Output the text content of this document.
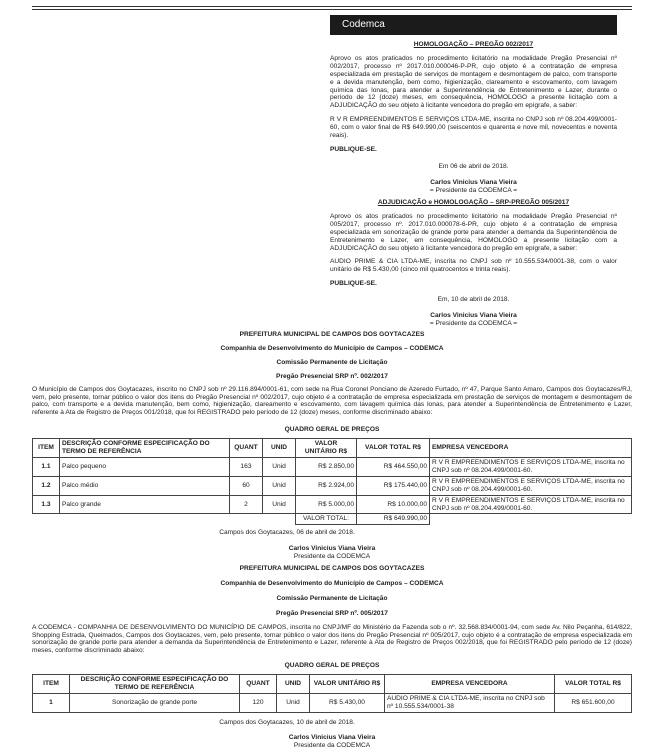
Codemca
HOMOLOGAÇÃO – PREGÃO 002/2017
Aprovo os atos praticados no procedimento licitatório na modalidade Pregão Presencial nº 002/2017, processo nº 2017.010.000046-P-PR, cujo objeto é a contratação de empresa especializada em prestação de serviços de montagem e desmontagem de palco, com transporte e a devida manutenção, bem como, higienização, clareamento e escovamento, com lavagem química das lonas, para atender a Superintendência de Entretenimento e Lazer, durante o período de 12 (doze) meses, em consequência, HOMOLOGO a presente licitação com a ADJUDICAÇÃO do seu objeto à licitante vencedora do pregão em epígrafe, a saber:
R V R EMPREENDIMENTOS E SERVIÇOS LTDA-ME, inscrita no CNPJ sob nº 08.204.499/0001-60, com o valor final de R$ 649.990,00 (seiscentos e quarenta e nove mil, novecentos e noventa reais).
PUBLIQUE-SE.
Em 06 de abril de 2018.
Carlos Vinicius Viana Vieira
= Presidente da CODEMCA =
ADJUDICAÇÃO e HOMOLOGAÇÃO – SRP-PREGÃO 005/2017
Aprovo os atos praticados no procedimento licitatório na modalidade Pregão Presencial nº 005/2017, processo nº. 2017.010.000078-6-PR, cujo objeto é a contratação de empresa especializada em sonorização de grande porte para atender a demanda da Superintendência de Entretenimento e Lazer, em consequência, HOMOLOGO a presente licitação com a ADJUDICAÇÃO do seu objeto à licitante vencedora do pregão em epígrafe, a saber:
AUDIO PRIME & CIA LTDA-ME, inscrita no CNPJ sob nº 10.555.534/0001-38, com o valor unitário de R$ 5.430,00 (cinco mil quatrocentos e trinta reais).
PUBLIQUE-SE.
Em, 10 de abril de 2018.
Carlos Vinicius Viana Vieira
= Presidente da CODEMCA =
PREFEITURA MUNICIPAL DE CAMPOS DOS GOYTACAZES
Companhia de Desenvolvimento do Município de Campos – CODEMCA
Comissão Permanente de Licitação
Pregão Presencial SRP nº. 002/2017
O Município de Campos dos Goytacazes, inscrito no CNPJ sob nº 29.116.894/0001-61, com sede na Rua Coronel Ponciano de Azeredo Furtado, nº 47, Parque Santo Amaro, Campos dos Goytacazes/RJ, vem, pelo presente, tornar público o valor dos itens do Pregão Presencial nº 002/2017, cujo objeto é a contratação de empresa especializada em prestação de serviços de montagem e desmontagem de palco, com transporte e a devida manutenção, bem como, higienização, clareamento e escovamento, com lavagem química das lonas, para atender a Superintendência de Entretenimento e Lazer, referente à Ata de Registro de Preços 001/2018, que foi REGISTRADO pelo período de 12 (doze) meses, conforme discriminado abaixo:
QUADRO GERAL DE PREÇOS
ITEM	DESCRIÇÃO CONFORME ESPECIFICAÇÃO DO TERMO DE REFERÊNCIA	QUANT	UNID	VALOR UNITÁRIO R$	VALOR TOTAL R$	EMPRESA VENCEDORA
1.1	Palco pequeno	163	Unid	R$ 2.850,00	R$ 464.550,00	R V R EMPREENDIMENTOS E SERVIÇOS LTDA-ME, inscrita no CNPJ sob nº 08.204.499/0001-60.
1.2	Palco médio	60	Unid	R$ 2.924,00	R$ 175.440,00	R V R EMPREENDIMENTOS E SERVIÇOS LTDA-ME, inscrita no CNPJ sob nº 08.204.499/0001-60.
1.3	Palco grande	2	Unid	R$ 5.000,00	R$ 10.000,00	R V R EMPREENDIMENTOS E SERVIÇOS LTDA-ME, inscrita no CNPJ sob nº 08.204.499/0001-60.
				VALOR TOTAL:	R$ 649.990,00	
Campos dos Goytacazes, 06 de abril de 2018.
Carlos Vinicius Viana Vieira
Presidente da CODEMCA
PREFEITURA MUNICIPAL DE CAMPOS DOS GOYTACAZES
Companhia de Desenvolvimento do Município de Campos – CODEMCA
Comissão Permanente de Licitação
Pregão Presencial SRP nº. 005/2017
A CODEMCA - COMPANHIA DE DESENVOLVIMENTO DO MUNICÍPIO DE CAMPOS, inscrita no CNPJ/MF do Ministério da Fazenda sob o nº. 32.568.834/0001-94, com sede Av. Nilo Peçanha, 614/822, Shopping Estrada, Queimados, Campos dos Goytacazes, vem, pelo presente, tornar público o valor dos itens do Pregão Presencial nº 005/2017, cujo objeto é a contratação de empresa especializada em sonorização de grande porte para atender a demanda da Superintendência de Entretenimento e Lazer, referente à Ata de Registro de Preços 002/2018, que foi REGISTRADO pelo período de 12 (doze) meses, conforme discriminado abaixo:
QUADRO GERAL DE PREÇOS
ITEM	DESCRIÇÃO CONFORME ESPECIFICAÇÃO DO TERMO DE REFERÊNCIA	QUANT	UNID	VALOR UNITÁRIO R$	EMPRESA VENCEDORA	VALOR TOTAL R$
1	Sonorização de grande porte	120	Unid	R$ 5.430,00	AUDIO PRIME & CIA LTDA-ME, inscrita no CNPJ sob nº 10.555.534/0001-38	R$ 651.600,00
Campos dos Goytacazes, 10 de abril de 2018.
Carlos Vinicius Viana Vieira
Presidente da CODEMCA
